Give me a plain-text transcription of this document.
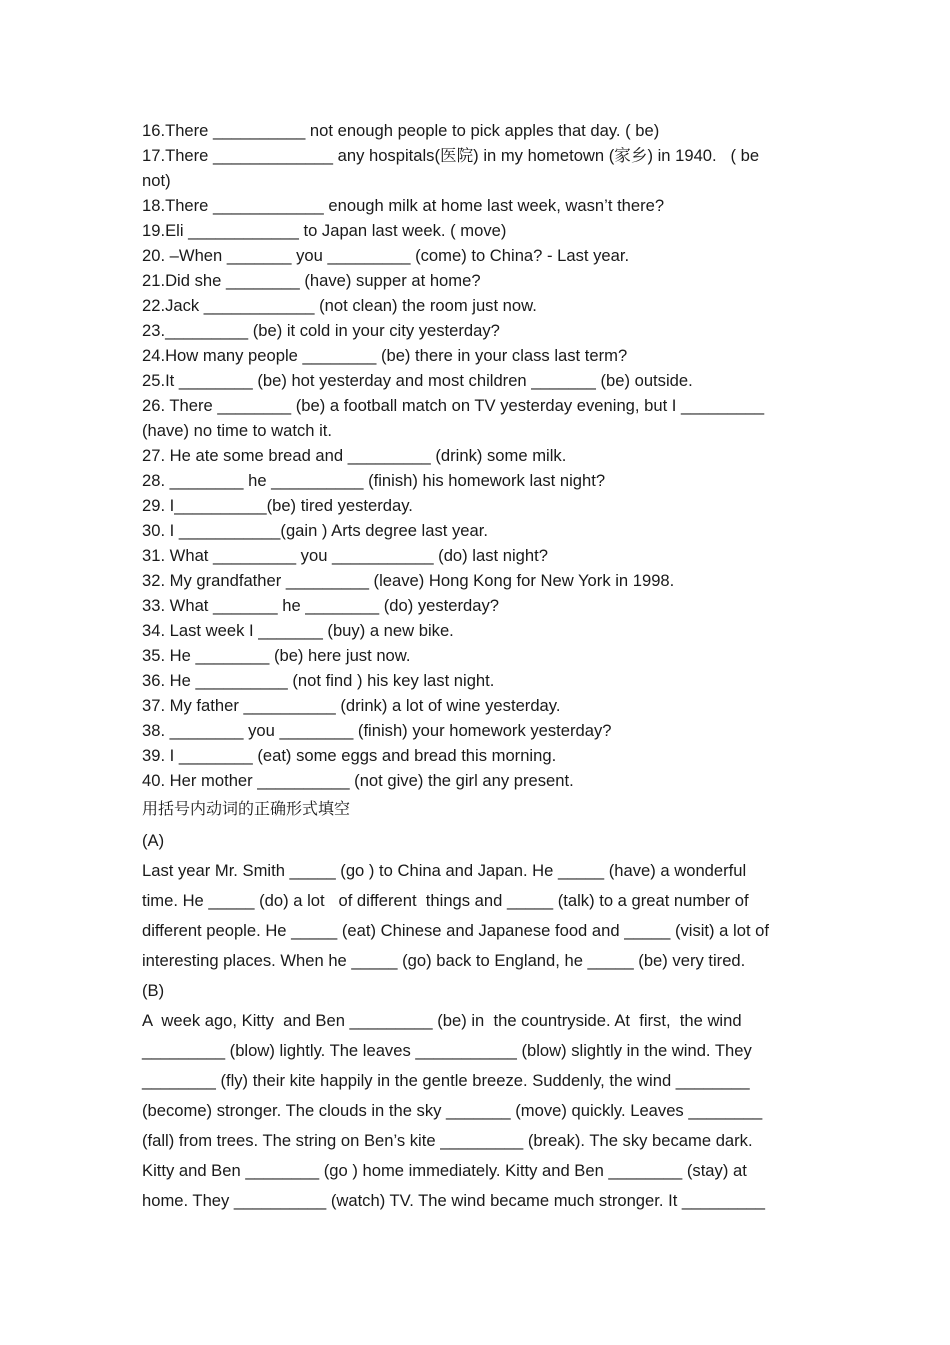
16.There __________ not enough people to pick apples that day. ( be)
17.There _____________ any hospitals(医院) in my hometown (家乡) in 1940.   ( be
not)
18.There ____________ enough milk at home last week, wasn’t there?
19.Eli ____________ to Japan last week. ( move)
20. –When _______ you _________ (come) to China? - Last year.
21.Did she ________ (have) supper at home?
22.Jack ____________ (not clean) the room just now.
23._________ (be) it cold in your city yesterday?
24.How many people ________ (be) there in your class last term?
25.It ________ (be) hot yesterday and most children _______ (be) outside.
26. There ________ (be) a football match on TV yesterday evening, but I _________
(have) no time to watch it.
27. He ate some bread and _________ (drink) some milk.
28. ________ he __________ (finish) his homework last night?
29. I__________(be) tired yesterday.
30. I ___________(gain ) Arts degree last year.
31. What _________ you ___________ (do) last night?
32. My grandfather _________ (leave) Hong Kong for New York in 1998.
33. What _______ he ________ (do) yesterday?
34. Last week I _______ (buy) a new bike.
35. He ________ (be) here just now.
36. He __________ (not find ) his key last night.
37. My father __________ (drink) a lot of wine yesterday.
38. ________ you ________ (finish) your homework yesterday?
39. I ________ (eat) some eggs and bread this morning.
40. Her mother __________ (not give) the girl any present.
用括号内动词的正确形式填空
(A)
Last year Mr. Smith _____ (go ) to China and Japan. He _____ (have) a wonderful
time. He _____ (do) a lot   of different  things and _____ (talk) to a great number of
different people. He _____ (eat) Chinese and Japanese food and _____ (visit) a lot of
interesting places. When he _____ (go) back to England, he _____ (be) very tired.
(B)
A  week ago, Kitty  and Ben _________ (be) in  the countryside. At  first,  the wind
_________ (blow) lightly. The leaves ___________ (blow) slightly in the wind. They
________ (fly) their kite happily in the gentle breeze. Suddenly, the wind ________
(become) stronger. The clouds in the sky _______ (move) quickly. Leaves ________
(fall) from trees. The string on Ben’s kite _________ (break). The sky became dark.
Kitty and Ben ________ (go ) home immediately. Kitty and Ben ________ (stay) at
home. They __________ (watch) TV. The wind became much stronger. It _________
